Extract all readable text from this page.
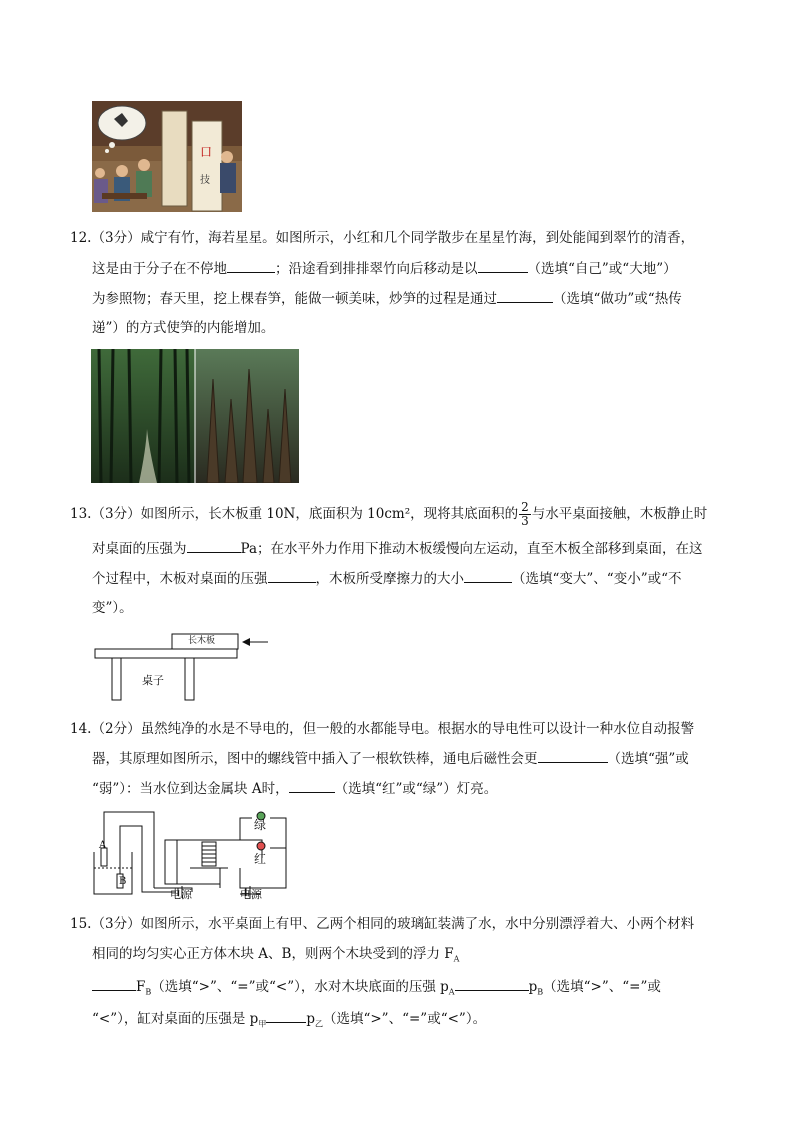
口
技
12.（3分）咸宁有竹，海若星星。如图所示，小红和几个同学散步在星星竹海，到处能闻到翠竹的清香，
这是由于分子在不停地	；沿途看到排排翠竹向后移动是以	（选填“自己”或“大地”）
为参照物；春天里，挖上棵春笋，能做一顿美味，炒笋的过程是通过	（选填“做功”或“热传
递”）的方式使笋的内能增加。
13.（3分）如图所示，长木板重 10N，底面积为 10cm²，现将其底面积的 $\frac{2}{3}$ 与水平桌面接触，木板静止时
对桌面的压强为	Pa；在水平外力作用下推动木板缓慢向左运动，直至木板全部移到桌面，在这
个过程中，木板对桌面的压强	，木板所受摩擦力的大小	（选填“变大”、“变小”或“不
变”）。
长木板
桌子
14.（2分）虽然纯净的水是不导电的，但一般的水都能导电。根据水的导电性可以设计一种水位自动报警
器，其原理如图所示，图中的螺线管中插入了一根软铁棒，通电后磁性会更	（选填“强”或
“弱”）：当水位到达金属块 A时，	（选填“红”或“绿”）灯亮。
绿
红
A
B
电源	电源
15.（3分）如图所示，水平桌面上有甲、乙两个相同的玻璃缸装满了水，水中分别漂浮着大、小两个材料
相同的均匀实心正方体木块 A、B，则两个木块受到的浮力 $F_A$
$F_B$（选填“>”、“=”或“<”），水对木块底面的压强 $p_A$	$p_B$（选填“>”、“=”或
“<”），缸对桌面的压强是 $p_甲$	$p_乙$（选填“>”、“=”或“<”）。
